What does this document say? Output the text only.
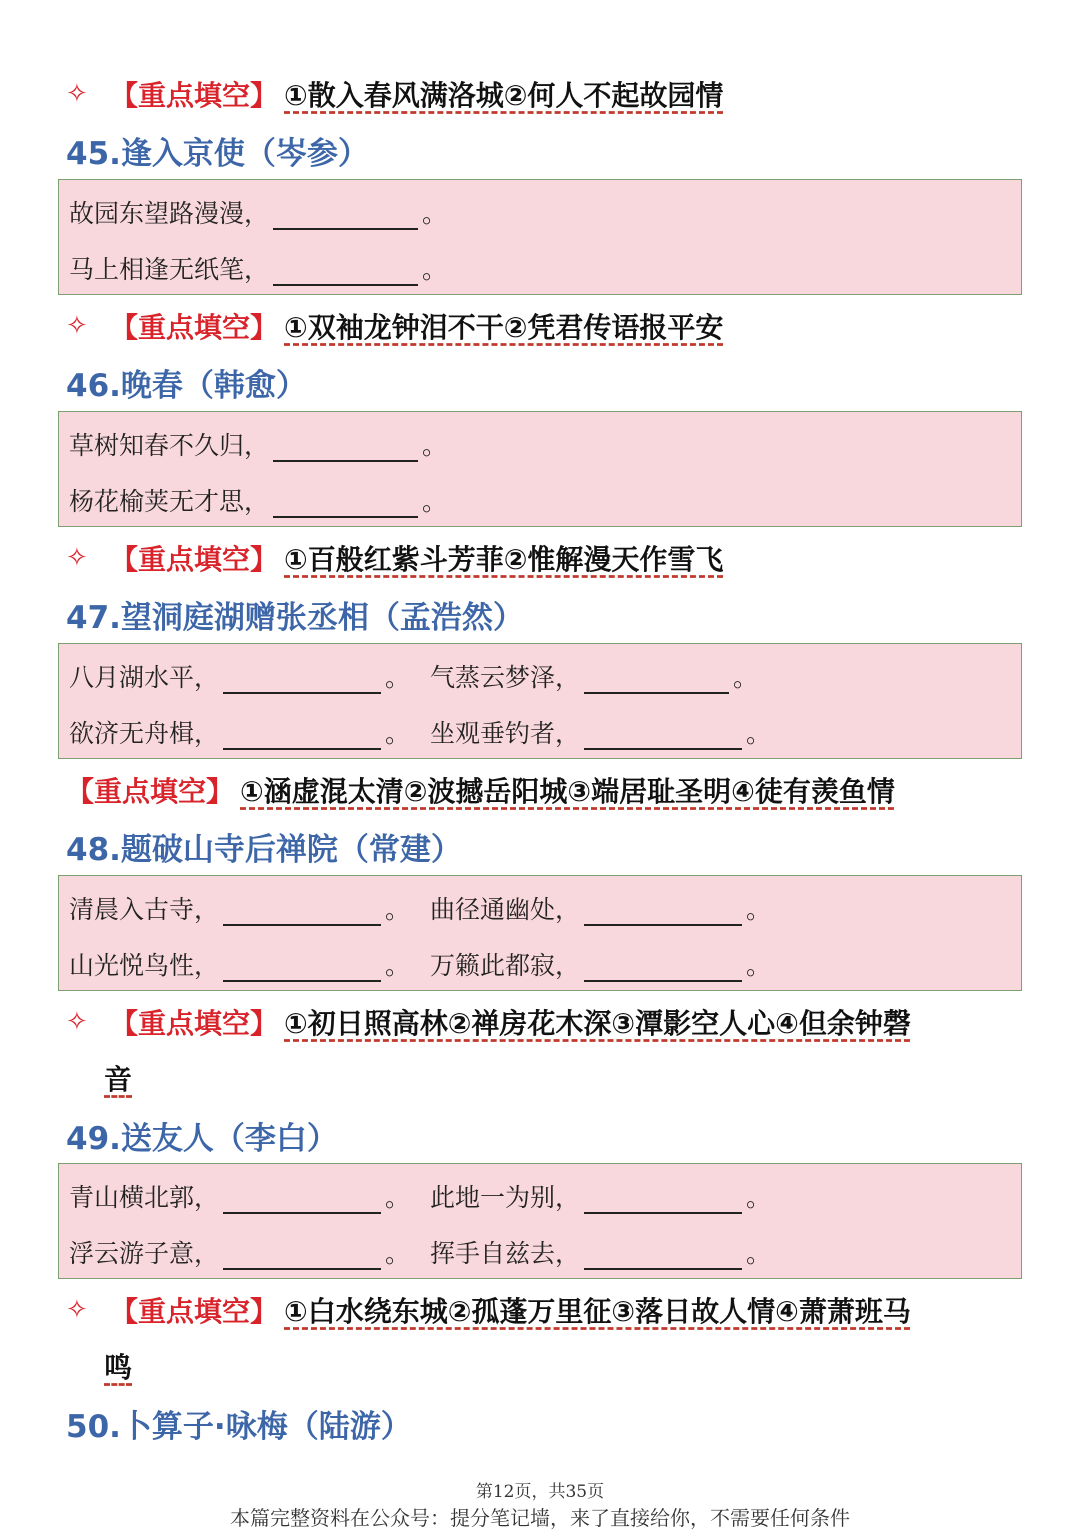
✧ 【重点填空】 ①散入春风满洛城②何人不起故园情
45.逢入京使（岑参）
故园东望路漫漫，	。
马上相逢无纸笔，	。
✧ 【重点填空】 ①双袖龙钟泪不干②凭君传语报平安
46.晚春（韩愈）
草树知春不久归，	。
杨花榆荚无才思，	。
✧ 【重点填空】 ①百般红紫斗芳菲②惟解漫天作雪飞
47.望洞庭湖赠张丞相（孟浩然）
八月湖水平，	。 气蒸云梦泽，	。
欲济无舟楫，	。 坐观垂钓者，	。
【重点填空】 ①涵虚混太清②波撼岳阳城③端居耻圣明④徒有羡鱼情
48.题破山寺后禅院（常建）
清晨入古寺，	。 曲径通幽处，	。
山光悦鸟性，	。 万籁此都寂，	。
✧ 【重点填空】 ①初日照高林②禅房花木深③潭影空人心④但余钟磬
音
49.送友人（李白）
青山横北郭，	。 此地一为别，	。
浮云游子意，	。 挥手自兹去，	。
✧ 【重点填空】 ①白水绕东城②孤蓬万里征③落日故人情④萧萧班马
鸣
50.卜算子·咏梅（陆游）
第12页，共35页
本篇完整资料在公众号：提分笔记墙，来了直接给你，不需要任何条件
